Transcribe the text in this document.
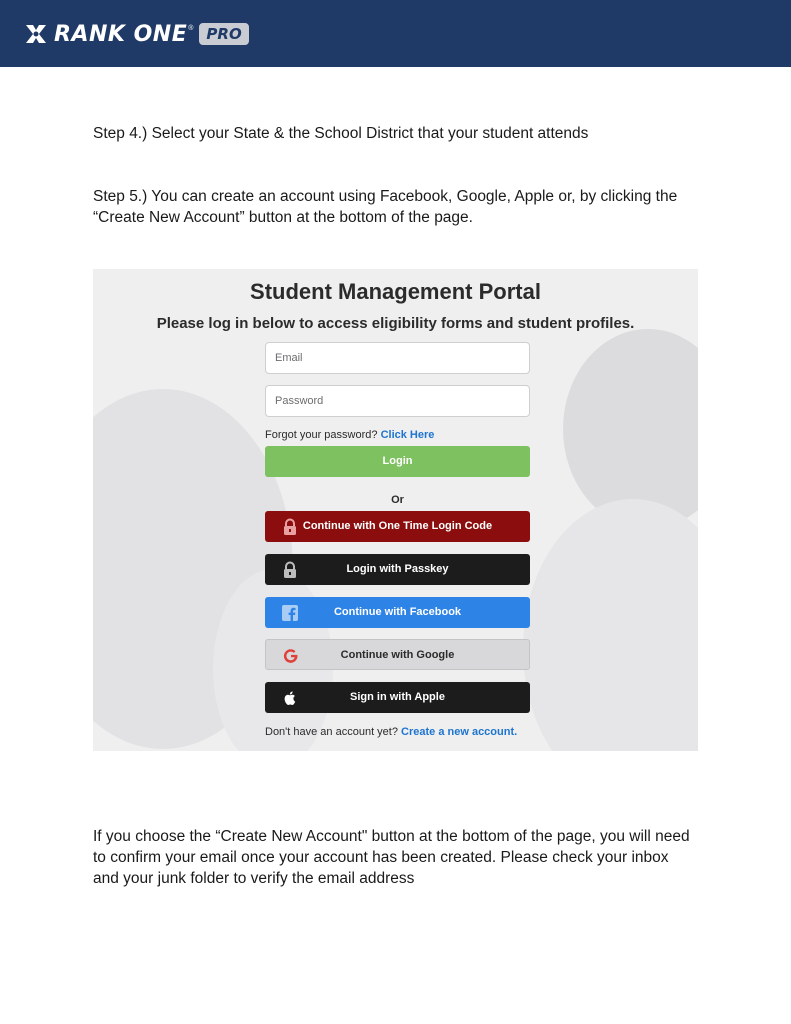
RANK ONE ® PRO
Step 4.) Select your State & the School District that your student attends
Step 5.) You can create an account using Facebook, Google, Apple or, by clicking the
“Create New Account” button at the bottom of the page.
Student Management Portal
Please log in below to access eligibility forms and student profiles.
Email
Password
Forgot your password? Click Here
Login
Or
Continue with One Time Login Code
Login with Passkey
Continue with Facebook
Continue with Google
Sign in with Apple
Don't have an account yet? Create a new account.
If you choose the “Create New Account" button at the bottom of the page, you will need
to confirm your email once your account has been created. Please check your inbox
and your junk folder to verify the email address
